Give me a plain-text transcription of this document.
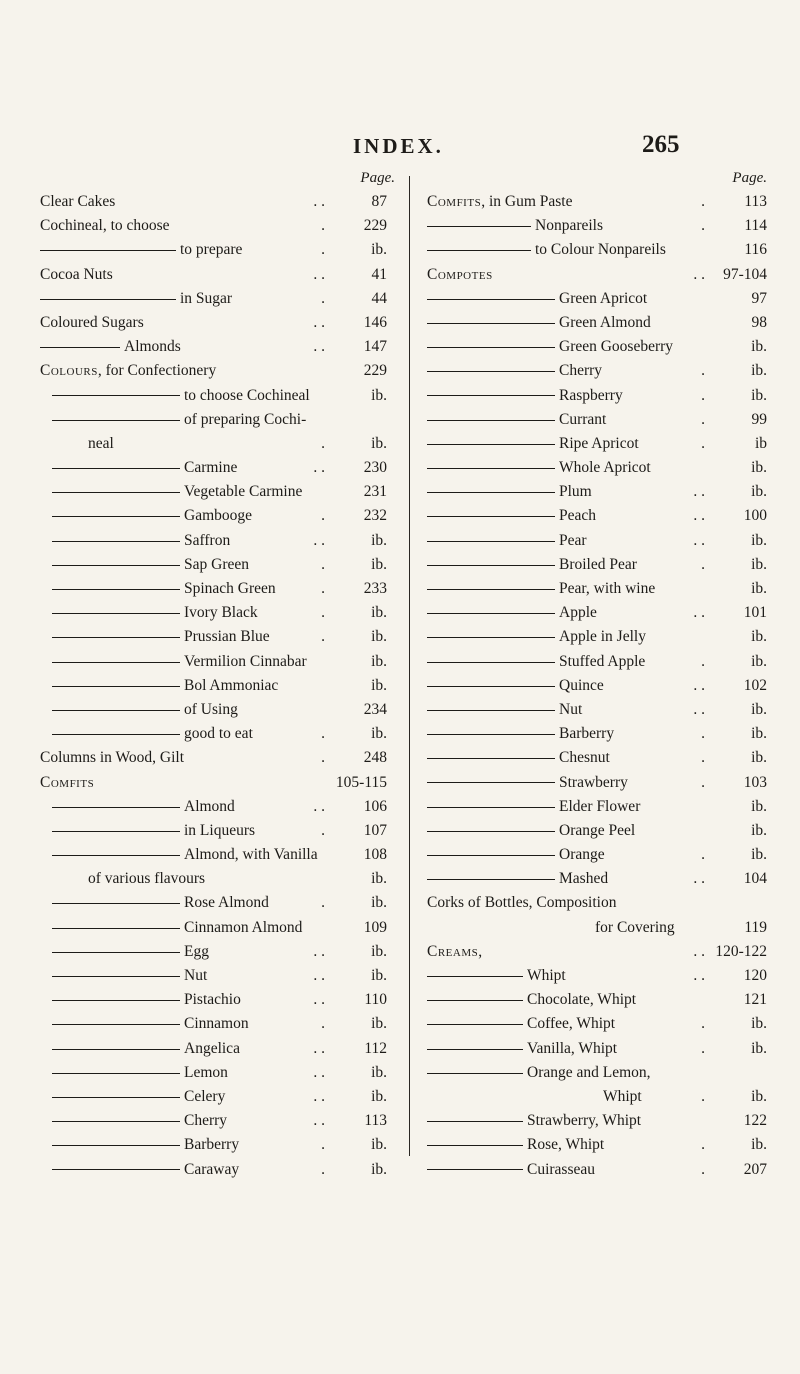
INDEX.	265
Page.
Clear Cakes	. .	87
Cochineal, to choose	.	229
to prepare	.	ib.
Cocoa Nuts	. .	41
in Sugar	.	44
Coloured Sugars	. .	146
Almonds	. .	147
Colours, for Confectionery	229
to choose Cochineal	ib.
of preparing Cochi-
neal	.	ib.
Carmine	. .	230
Vegetable Carmine	231
Gamboogе	.	232
Saffron	. .	ib.
Sap Green	.	ib.
Spinach Green	.	233
Ivory Black	.	ib.
Prussian Blue	.	ib.
Vermilion Cinnabar	ib.
Bol Ammoniac	ib.
of Using	234
good to eat	.	ib.
Columns in Wood, Gilt	.	248
Comfits	105-115
Almond	. .	106
in Liqueurs	.	107
Almond, with Vanilla	108
of various flavours	ib.
Rose Almond	.	ib.
Cinnamon Almond	109
Egg	. .	ib.
Nut	. .	ib.
Pistachio	. .	110
Cinnamon	.	ib.
Angelica	. .	112
Lemon	. .	ib.
Celery	. .	ib.
Cherry	. .	113
Barberry	.	ib.
Caraway	.	ib.
Page.
Comfits, in Gum Paste	.	113
Nonpareils	.	114
to Colour Nonpareils	116
Compotes	. . 97-104
Green Apricot	97
Green Almond	98
Green Gooseberry	ib.
Cherry	.	ib.
Raspberry	.	ib.
Currant	.	99
Ripe Apricot	.	ib
Whole Apricot	ib.
Plum	. .	ib.
Peach	. .	100
Pear	. .	ib.
Broiled Pear	.	ib.
Pear, with wine	ib.
Apple	. .	101
Apple in Jelly	ib.
Stuffed Apple	.	ib.
Quince	. .	102
Nut	. .	ib.
Barberry	.	ib.
Chesnut	.	ib.
Strawberry	.	103
Elder Flower	ib.
Orange Peel	ib.
Orange	.	ib.
Mashed	. .	104
Corks of Bottles, Composition
for Covering	119
Creams,	. . 120-122
Whipt	. .	120
Chocolate, Whipt	121
Coffee, Whipt	.	ib.
Vanilla, Whipt	.	ib.
Orange and Lemon,
Whipt	.	ib.
Strawberry, Whipt	122
Rose, Whipt	.	ib.
Cuirasseau	.	207
